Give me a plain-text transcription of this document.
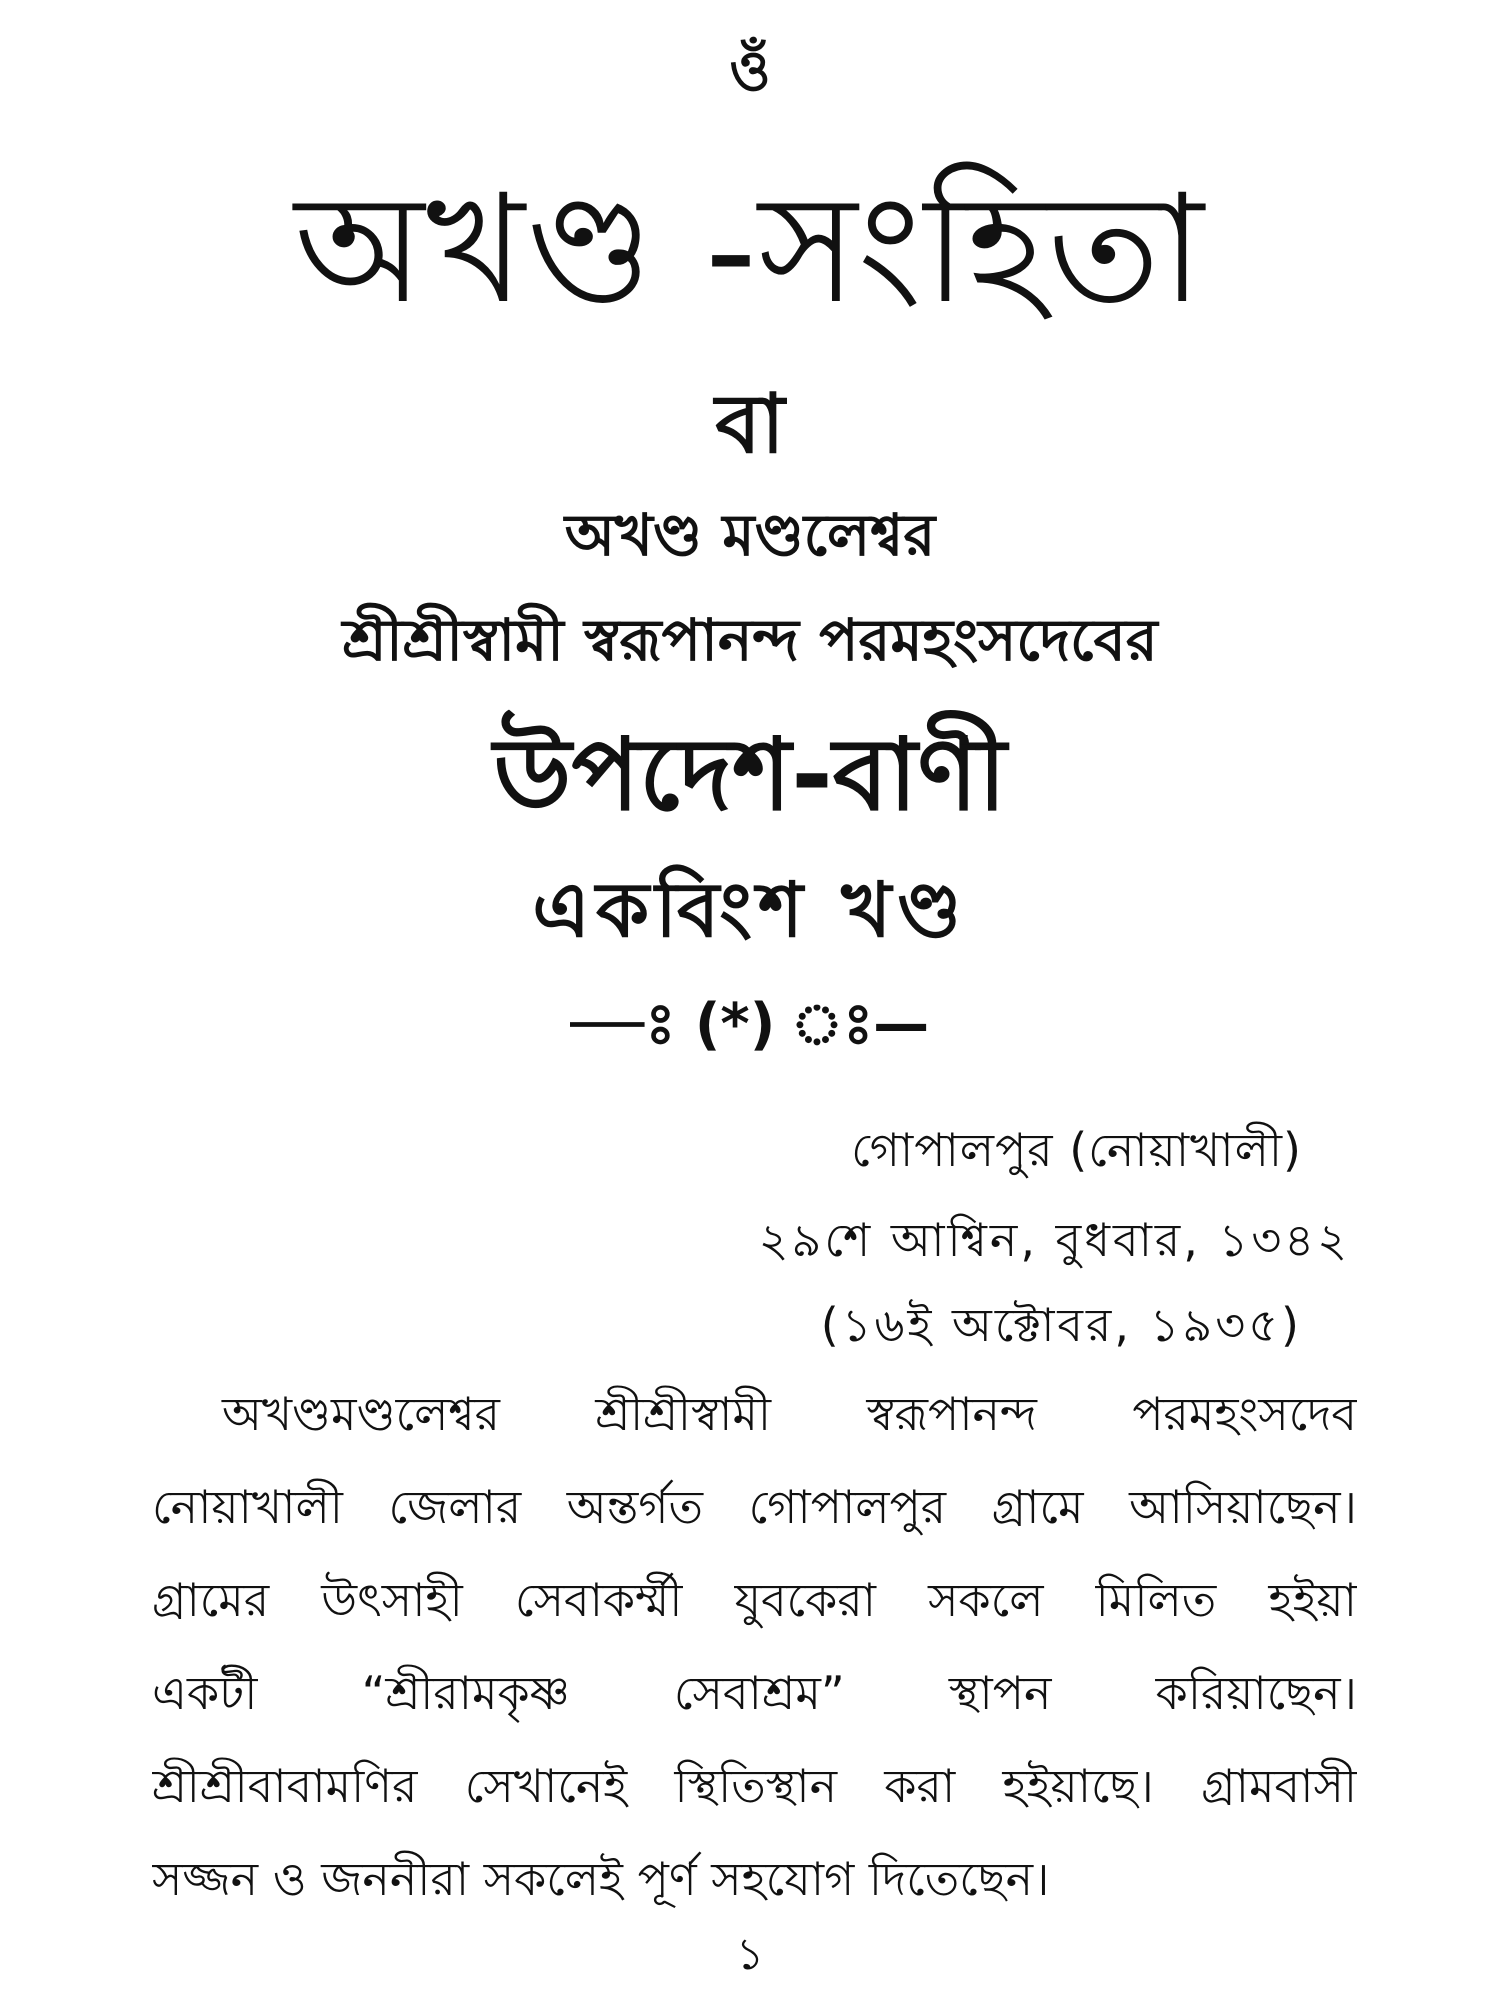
ওঁ
অখণ্ড -সংহিতা
বা
অখণ্ড মণ্ডলেশ্বর
শ্রীশ্রীস্বামী স্বরূপানন্দ পরমহংসদেবের
উপদেশ-বাণী
একবিংশ খণ্ড
—ঃ (*) ঃ—
গোপালপুর (নোয়াখালী)
২৯শে আশ্বিন, বুধবার, ১৩৪২
(১৬ই অক্টোবর, ১৯৩৫)
অখণ্ডমণ্ডলেশ্বর শ্রীশ্রীস্বামী স্বরূপানন্দ পরমহংসদেব
নোয়াখালী জেলার অন্তর্গত গোপালপুর গ্রামে আসিয়াছেন।
গ্রামের উৎসাহী সেবাকর্ম্মী যুবকেরা সকলে মিলিত হইয়া
একটী “শ্রীরামকৃষ্ণ সেবাশ্রম” স্থাপন করিয়াছেন।
শ্রীশ্রীবাবামণির সেখানেই স্থিতিস্থান করা হইয়াছে। গ্রামবাসী
সজ্জন ও জননীরা সকলেই পূর্ণ সহযোগ দিতেছেন।
১
